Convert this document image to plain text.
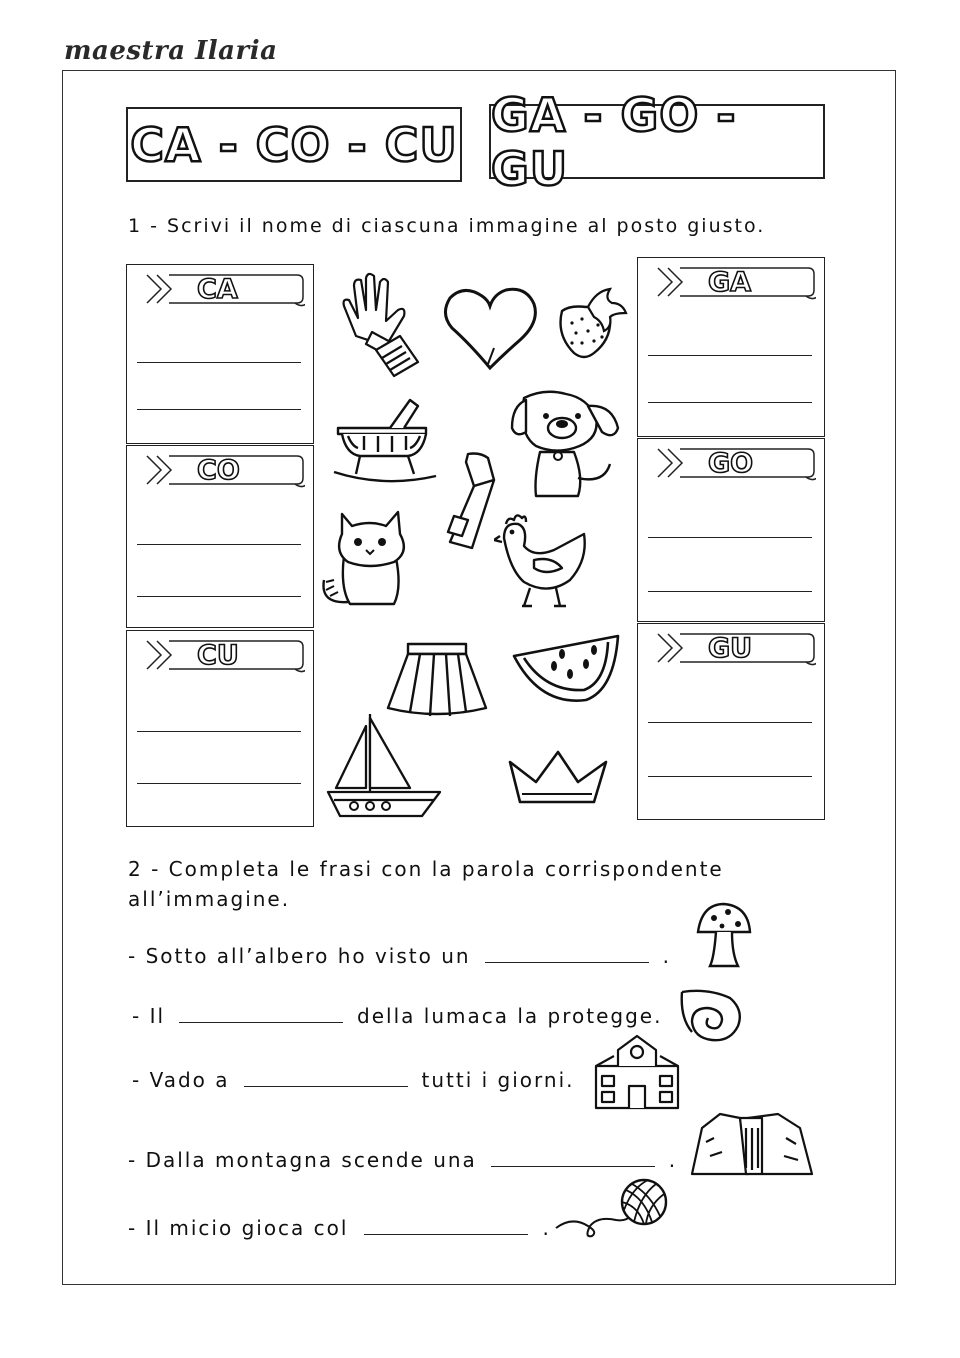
maestra Ilaria
CA - CO - CU
GA - GO - GU
1 - Scrivi il nome di ciascuna immagine al posto giusto.
CA
CO
CU
GA
GO
GU
2 - Completa le frasi con la parola corrispondente all’immagine.
- Sotto all’albero ho visto un	.
- Il	della lumaca la protegge.
- Vado a	tutti i giorni.
- Dalla montagna scende una	.
- Il micio gioca col	.
